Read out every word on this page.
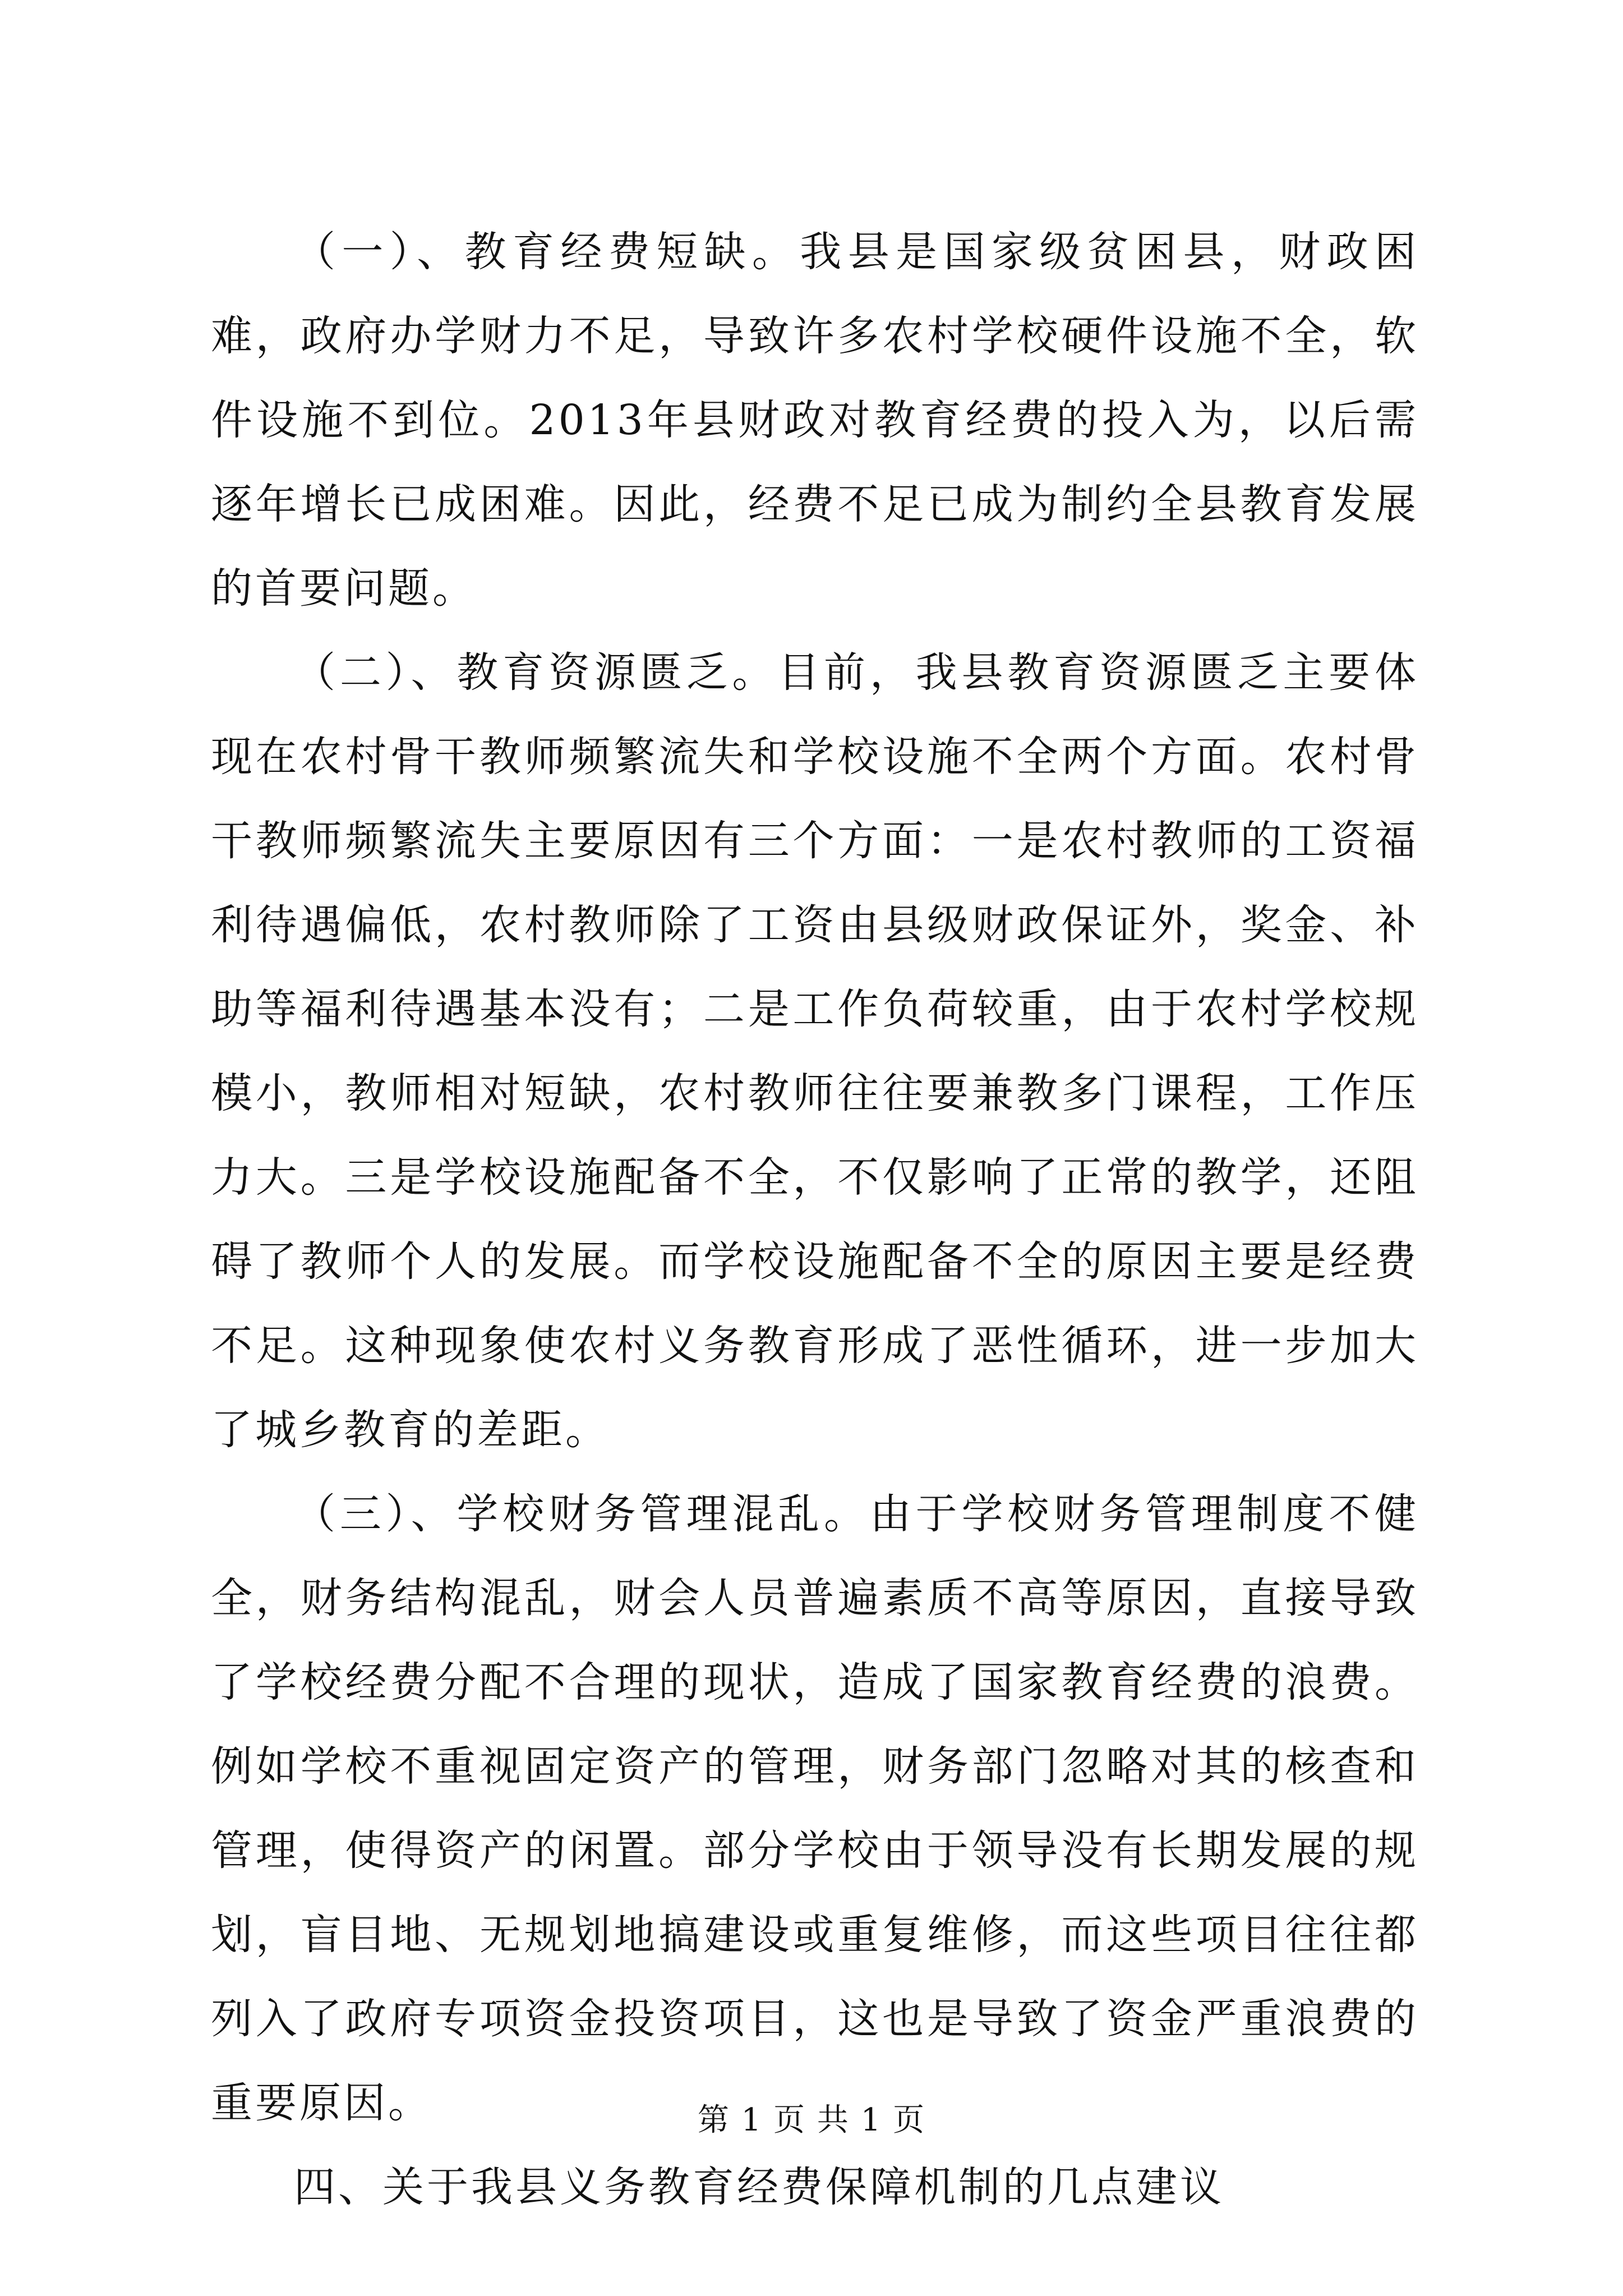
（一）、教育经费短缺。我县是国家级贫困县，财政困难，政府办学财力不足，导致许多农村学校硬件设施不全，软件设施不到位。2013年县财政对教育经费的投入为，以后需逐年增长已成困难。因此，经费不足已成为制约全县教育发展的首要问题。

（二）、教育资源匮乏。目前，我县教育资源匮乏主要体现在农村骨干教师频繁流失和学校设施不全两个方面。农村骨干教师频繁流失主要原因有三个方面：一是农村教师的工资福利待遇偏低，农村教师除了工资由县级财政保证外，奖金、补助等福利待遇基本没有；二是工作负荷较重，由于农村学校规模小，教师相对短缺，农村教师往往要兼教多门课程，工作压力大。三是学校设施配备不全，不仅影响了正常的教学，还阻碍了教师个人的发展。而学校设施配备不全的原因主要是经费不足。这种现象使农村义务教育形成了恶性循环，进一步加大了城乡教育的差距。

（三）、学校财务管理混乱。由于学校财务管理制度不健全，财务结构混乱，财会人员普遍素质不高等原因，直接导致了学校经费分配不合理的现状，造成了国家教育经费的浪费。例如学校不重视固定资产的管理，财务部门忽略对其的核查和管理，使得资产的闲置。部分学校由于领导没有长期发展的规划，盲目地、无规划地搞建设或重复维修，而这些项目往往都列入了政府专项资金投资项目，这也是导致了资金严重浪费的重要原因。

四、关于我县义务教育经费保障机制的几点建议

第 1 页 共 1 页
